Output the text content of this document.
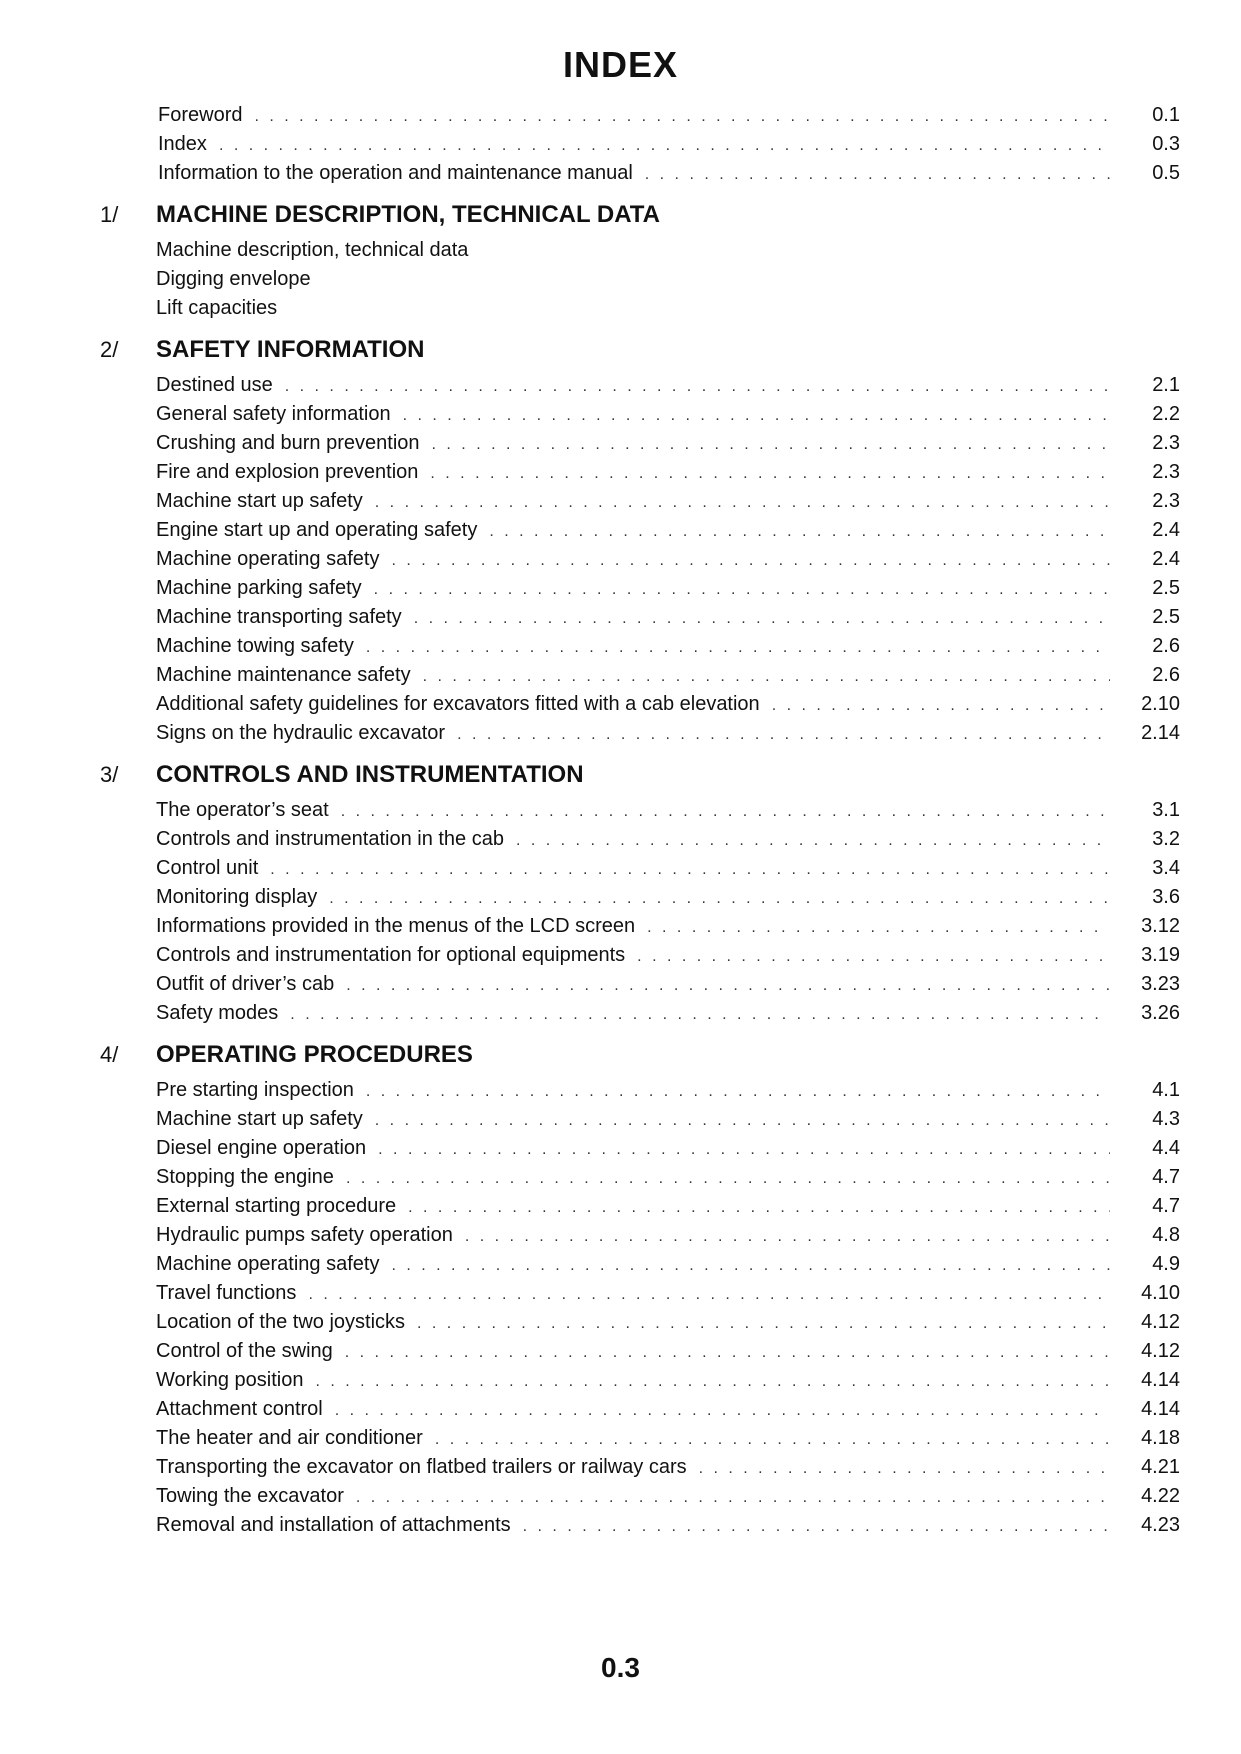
INDEX
Foreword . . .	0.1
Index . . .	0.3
Information to the operation and maintenance manual . . .	0.5
1/	MACHINE DESCRIPTION, TECHNICAL DATA
Machine description, technical data
Digging envelope
Lift capacities
2/	SAFETY INFORMATION
Destined use . . .	2.1
General safety information . . .	2.2
Crushing and burn prevention . . .	2.3
Fire and explosion prevention . . .	2.3
Machine start up safety . . .	2.3
Engine start up and operating safety . . .	2.4
Machine operating safety . . .	2.4
Machine parking safety . . .	2.5
Machine transporting safety . . .	2.5
Machine towing safety . . .	2.6
Machine maintenance safety . . .	2.6
Additional safety guidelines for excavators fitted with a cab elevation . . .	2.10
Signs on the hydraulic excavator . . .	2.14
3/	CONTROLS AND INSTRUMENTATION
The operator’s seat . . .	3.1
Controls and instrumentation in the cab . . .	3.2
Control unit . . .	3.4
Monitoring display . . .	3.6
Informations provided in the menus of the LCD screen . . .	3.12
Controls and instrumentation for optional equipments . . .	3.19
Outfit of driver’s cab . . .	3.23
Safety modes . . .	3.26
4/	OPERATING PROCEDURES
Pre starting inspection . . .	4.1
Machine start up safety . . .	4.3
Diesel engine operation . . .	4.4
Stopping the engine . . .	4.7
External starting procedure . . .	4.7
Hydraulic pumps safety operation . . .	4.8
Machine operating safety . . .	4.9
Travel functions . . .	4.10
Location of the two joysticks . . .	4.12
Control of the swing . . .	4.12
Working position . . .	4.14
Attachment control . . .	4.14
The heater and air conditioner . . .	4.18
Transporting the excavator on flatbed trailers or railway cars . . .	4.21
Towing the excavator . . .	4.22
Removal and installation of attachments . . .	4.23
0.3
